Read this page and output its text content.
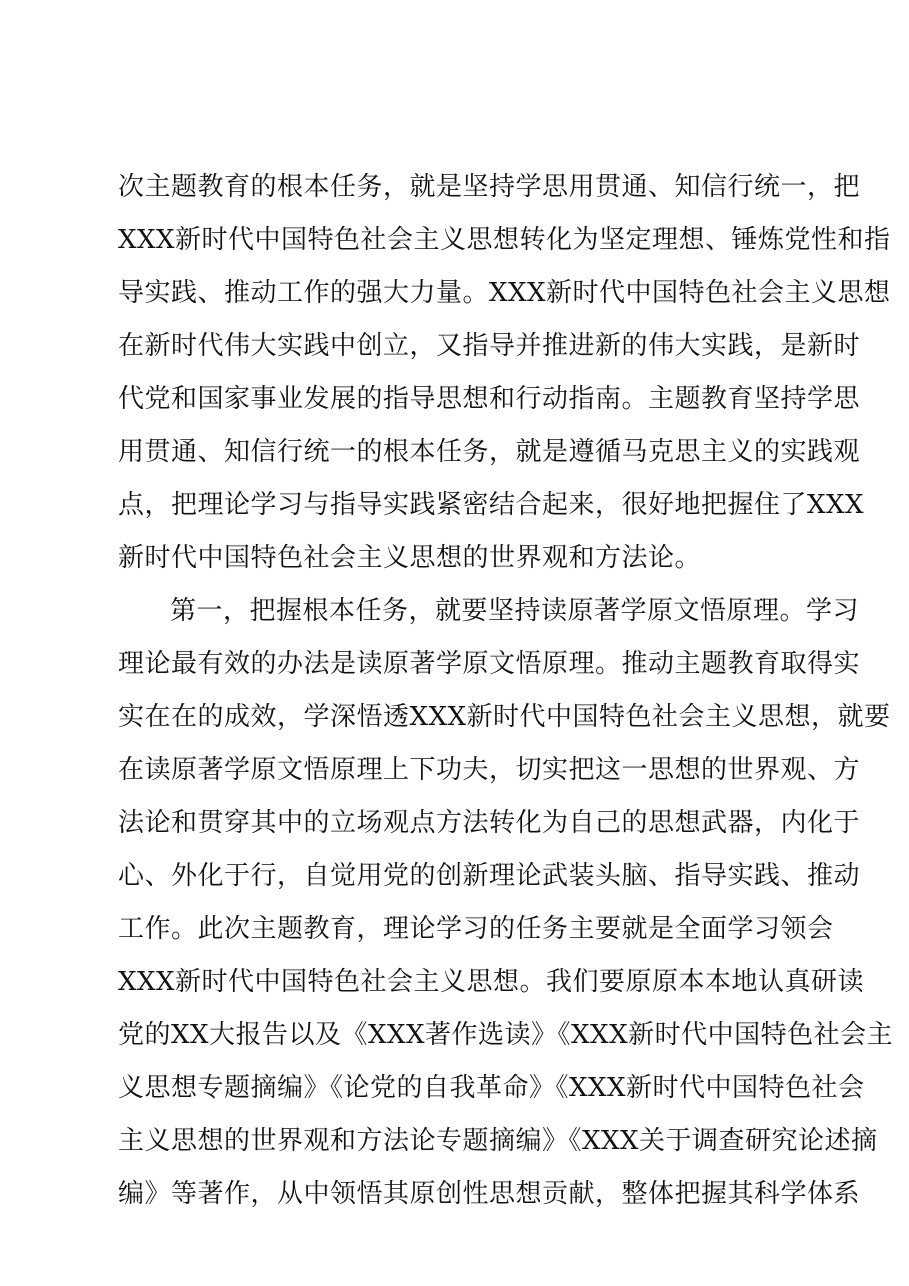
次主题教育的根本任务，就是坚持学思用贯通、知信行统一，把
XXX新时代中国特色社会主义思想转化为坚定理想、锤炼党性和指
导实践、推动工作的强大力量。XXX新时代中国特色社会主义思想
在新时代伟大实践中创立，又指导并推进新的伟大实践，是新时
代党和国家事业发展的指导思想和行动指南。主题教育坚持学思
用贯通、知信行统一的根本任务，就是遵循马克思主义的实践观
点，把理论学习与指导实践紧密结合起来，很好地把握住了XXX
新时代中国特色社会主义思想的世界观和方法论。
第一，把握根本任务，就要坚持读原著学原文悟原理。学习
理论最有效的办法是读原著学原文悟原理。推动主题教育取得实
实在在的成效，学深悟透XXX新时代中国特色社会主义思想，就要
在读原著学原文悟原理上下功夫，切实把这一思想的世界观、方
法论和贯穿其中的立场观点方法转化为自己的思想武器，内化于
心、外化于行，自觉用党的创新理论武装头脑、指导实践、推动
工作。此次主题教育，理论学习的任务主要就是全面学习领会
XXX新时代中国特色社会主义思想。我们要原原本本地认真研读
党的XX大报告以及《XXX著作选读》《XXX新时代中国特色社会主
义思想专题摘编》《论党的自我革命》《XXX新时代中国特色社会
主义思想的世界观和方法论专题摘编》《XXX关于调查研究论述摘
编》等著作，从中领悟其原创性思想贡献，整体把握其科学体系
